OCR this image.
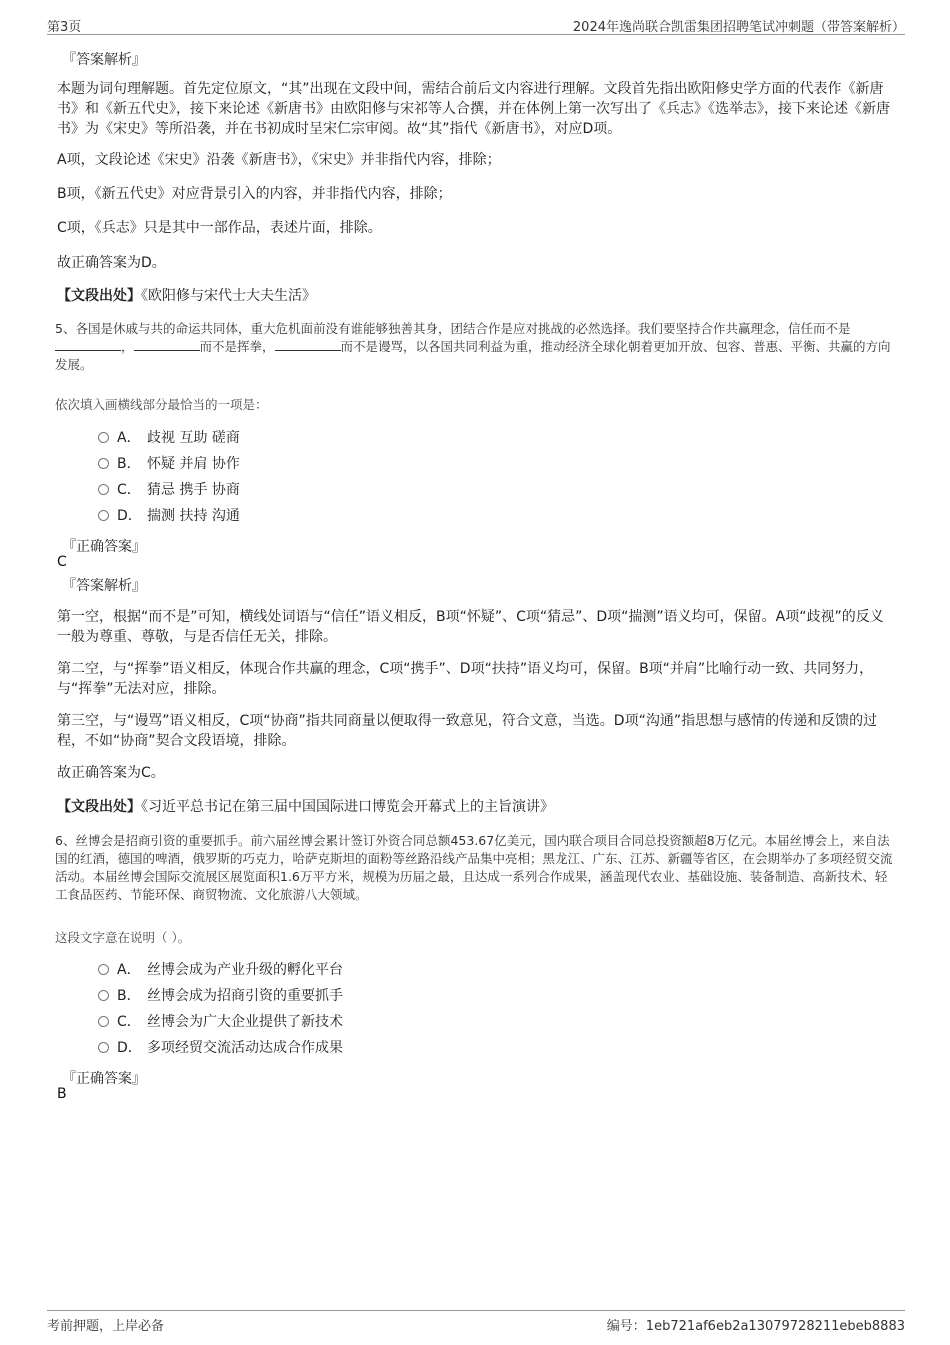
第3页	2024年逸尚联合凯雷集团招聘笔试冲刺题（带答案解析）
『答案解析』
本题为词句理解题。首先定位原文，“其”出现在文段中间，需结合前后文内容进行理解。文段首先指出欧阳修史学方面的代表作《新唐书》和《新五代史》，接下来论述《新唐书》由欧阳修与宋祁等人合撰，并在体例上第一次写出了《兵志》《选举志》，接下来论述《新唐书》为《宋史》等所沿袭，并在书初成时呈宋仁宗审阅。故“其”指代《新唐书》，对应D项。
A项，文段论述《宋史》沿袭《新唐书》，《宋史》并非指代内容，排除；
B项，《新五代史》对应背景引入的内容，并非指代内容，排除；
C项，《兵志》只是其中一部作品，表述片面，排除。
故正确答案为D。
【文段出处】《欧阳修与宋代士大夫生活》
5、各国是休戚与共的命运共同体，重大危机面前没有谁能够独善其身，团结合作是应对挑战的必然选择。我们要坚持合作共赢理念，信任而不是，	而不是挥拳，	而不是谩骂，以各国共同利益为重，推动经济全球化朝着更加开放、包容、普惠、平衡、共赢的方向发展。
依次填入画横线部分最恰当的一项是：
A． 歧视 互助 磋商
B． 怀疑 并肩 协作
C． 猜忌 携手 协商
D． 揣测 扶持 沟通
『正确答案』
C
『答案解析』
第一空，根据“而不是”可知，横线处词语与“信任”语义相反，B项“怀疑”、C项“猜忌”、D项“揣测”语义均可，保留。A项“歧视”的反义一般为尊重、尊敬，与是否信任无关，排除。
第二空，与“挥拳”语义相反，体现合作共赢的理念，C项“携手”、D项“扶持”语义均可，保留。B项“并肩”比喻行动一致、共同努力，与“挥拳”无法对应，排除。
第三空，与“谩骂”语义相反，C项“协商”指共同商量以便取得一致意见，符合文意，当选。D项“沟通”指思想与感情的传递和反馈的过程，不如“协商”契合文段语境，排除。
故正确答案为C。
【文段出处】《习近平总书记在第三届中国国际进口博览会开幕式上的主旨演讲》
6、丝博会是招商引资的重要抓手。前六届丝博会累计签订外资合同总额453.67亿美元，国内联合项目合同总投资额超8万亿元。本届丝博会上，来自法国的红酒，德国的啤酒，俄罗斯的巧克力，哈萨克斯坦的面粉等丝路沿线产品集中亮相；黑龙江、广东、江苏、新疆等省区，在会期举办了多项经贸交流活动。本届丝博会国际交流展区展览面积1.6万平方米，规模为历届之最，且达成一系列合作成果，涵盖现代农业、基础设施、装备制造、高新技术、轻工食品医药、节能环保、商贸物流、文化旅游八大领域。
这段文字意在说明（ ）。
A． 丝博会成为产业升级的孵化平台
B． 丝博会成为招商引资的重要抓手
C． 丝博会为广大企业提供了新技术
D． 多项经贸交流活动达成合作成果
『正确答案』
B
考前押题，上岸必备	编号：1eb721af6eb2a13079728211ebeb8883
